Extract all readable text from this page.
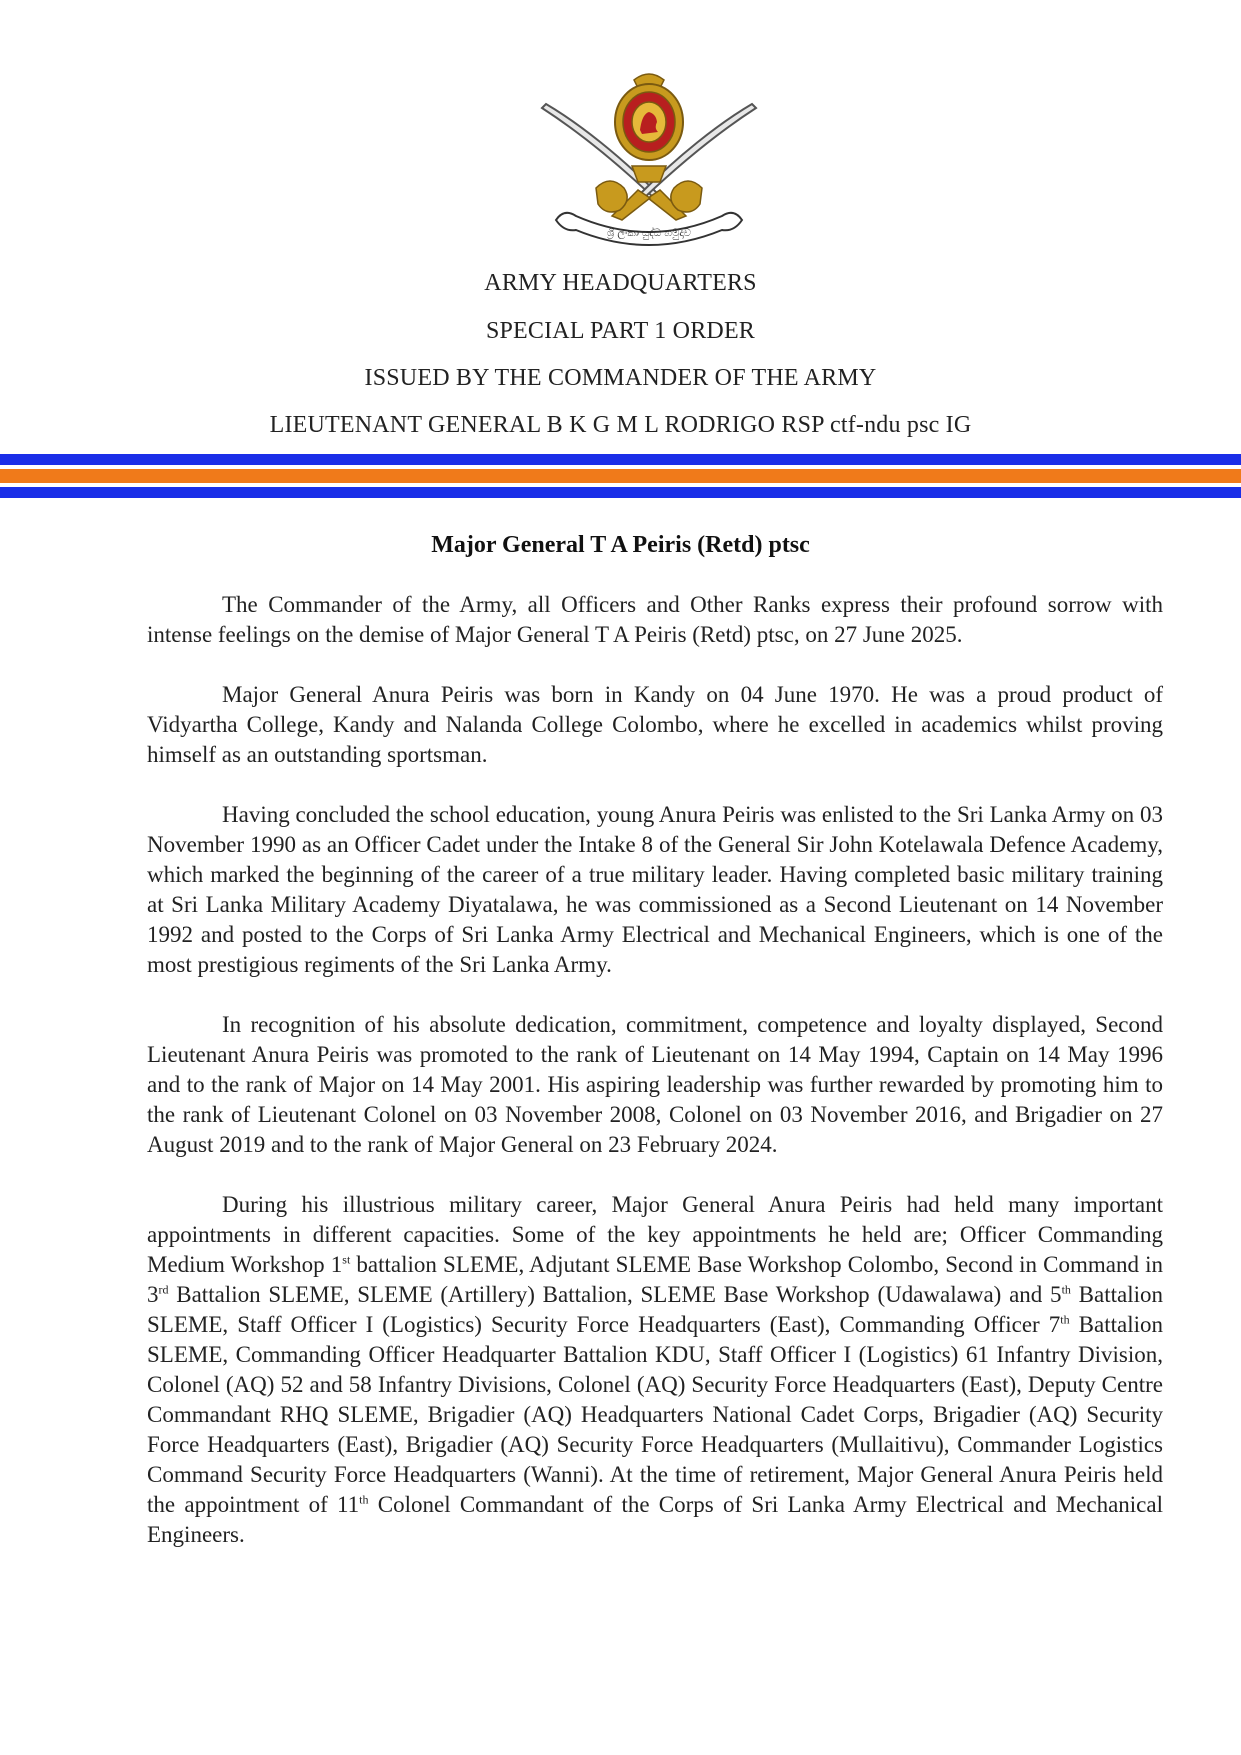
ශ්‍රී ලංකා යුද්ධ හමුදාව
ARMY HEADQUARTERS
SPECIAL PART 1 ORDER
ISSUED BY THE COMMANDER OF THE ARMY
LIEUTENANT GENERAL B K G M L RODRIGO RSP ctf-ndu psc IG
Major General T A Peiris (Retd) ptsc

The Commander of the Army, all Officers and Other Ranks express their profound sorrow with intense feelings on the demise of Major General T A Peiris (Retd) ptsc, on 27 June 2025.

Major General Anura Peiris was born in Kandy on 04 June 1970. He was a proud product of Vidyartha College, Kandy and Nalanda College Colombo, where he excelled in academics whilst proving himself as an outstanding sportsman.

Having concluded the school education, young Anura Peiris was enlisted to the Sri Lanka Army on 03 November 1990 as an Officer Cadet under the Intake 8 of the General Sir John Kotelawala Defence Academy, which marked the beginning of the career of a true military leader. Having completed basic military training at Sri Lanka Military Academy Diyatalawa, he was commissioned as a Second Lieutenant on 14 November 1992 and posted to the Corps of Sri Lanka Army Electrical and Mechanical Engineers, which is one of the most prestigious regiments of the Sri Lanka Army.

In recognition of his absolute dedication, commitment, competence and loyalty displayed, Second Lieutenant Anura Peiris was promoted to the rank of Lieutenant on 14 May 1994, Captain on 14 May 1996 and to the rank of Major on 14 May 2001. His aspiring leadership was further rewarded by promoting him to the rank of Lieutenant Colonel on 03 November 2008, Colonel on 03 November 2016, and Brigadier on 27 August 2019 and to the rank of Major General on 23 February 2024.

During his illustrious military career, Major General Anura Peiris had held many important appointments in different capacities. Some of the key appointments he held are; Officer Commanding Medium Workshop 1st battalion SLEME, Adjutant SLEME Base Workshop Colombo, Second in Command in 3rd Battalion SLEME, SLEME (Artillery) Battalion, SLEME Base Workshop (Udawalawa) and 5th Battalion SLEME, Staff Officer I (Logistics) Security Force Headquarters (East), Commanding Officer 7th Battalion SLEME, Commanding Officer Headquarter Battalion KDU, Staff Officer I (Logistics) 61 Infantry Division, Colonel (AQ) 52 and 58 Infantry Divisions, Colonel (AQ) Security Force Headquarters (East), Deputy Centre Commandant RHQ SLEME, Brigadier (AQ) Headquarters National Cadet Corps, Brigadier (AQ) Security Force Headquarters (East), Brigadier (AQ) Security Force Headquarters (Mullaitivu), Commander Logistics Command Security Force Headquarters (Wanni). At the time of retirement, Major General Anura Peiris held the appointment of 11th Colonel Commandant of the Corps of Sri Lanka Army Electrical and Mechanical Engineers.
